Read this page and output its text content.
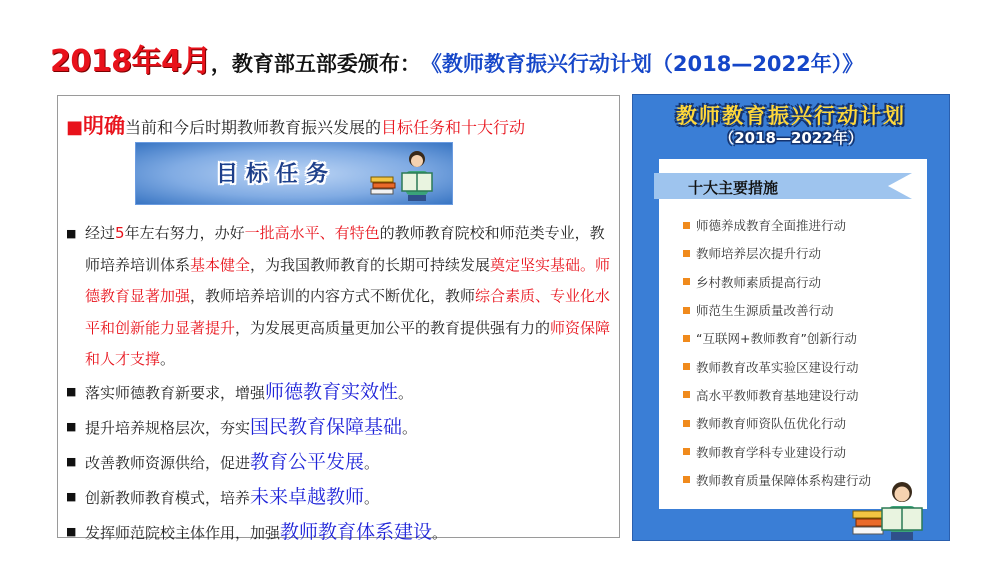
2018年4月 ，教育部五部委颁布： 《教师教育振兴行动计划（2018—2022年）》
■明确当前和今后时期教师教育振兴发展的目标任务和十大行动
目标任务
■ 经过5年左右努力，办好一批高水平、有特色的教师教育院校和师范类专业，教师培养培训体系基本健全，为我国教师教育的长期可持续发展奠定坚实基础。师德教育显著加强，教师培养培训的内容方式不断优化，教师综合素质、专业化水平和创新能力显著提升，为发展更高质量更加公平的教育提供强有力的师资保障和人才支撑。
■ 落实师德教育新要求，增强师德教育实效性。
■ 提升培养规格层次，夯实国民教育保障基础。
■ 改善教师资源供给，促进教育公平发展。
■ 创新教师教育模式，培养未来卓越教师。
■ 发挥师范院校主体作用，加强教师教育体系建设。
教师教育振兴行动计划
（2018—2022年）
十大主要措施
师德养成教育全面推进行动
教师培养层次提升行动
乡村教师素质提高行动
师范生生源质量改善行动
“互联网+教师教育”创新行动
教师教育改革实验区建设行动
高水平教师教育基地建设行动
教师教育师资队伍优化行动
教师教育学科专业建设行动
教师教育质量保障体系构建行动
